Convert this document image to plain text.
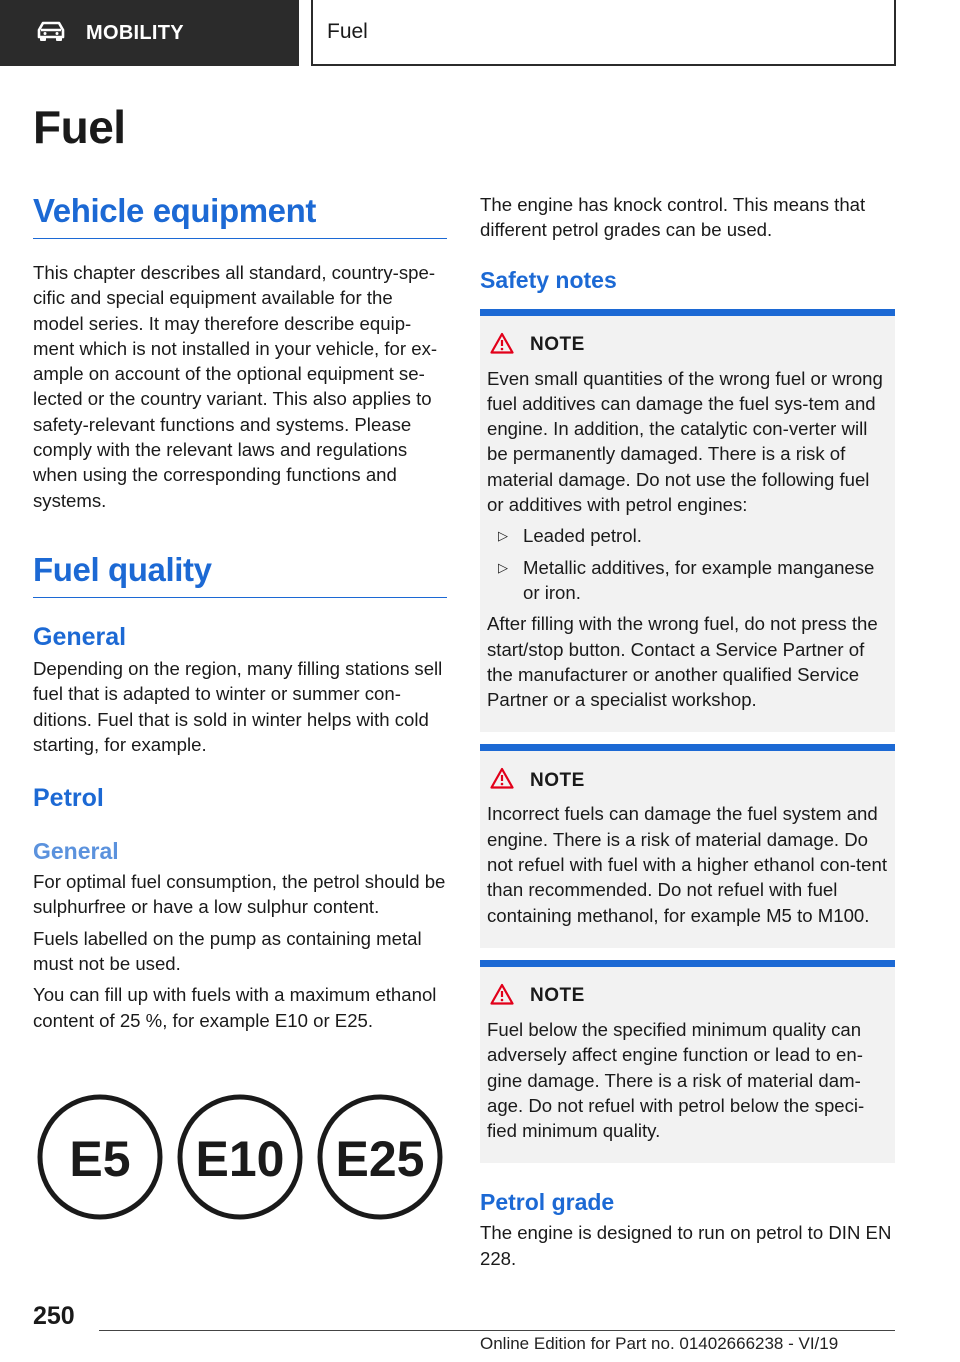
MOBILITY	Fuel
Fuel
Vehicle equipment

This chapter describes all standard, country-spe-cific and special equipment available for the model series. It may therefore describe equip-ment which is not installed in your vehicle, for ex-ample on account of the optional equipment se-lected or the country variant. This also applies to safety-relevant functions and systems. Please comply with the relevant laws and regulations when using the corresponding functions and systems.

Fuel quality
General

Depending on the region, many filling stations sell fuel that is adapted to winter or summer con-ditions. Fuel that is sold in winter helps with cold starting, for example.

Petrol
General

For optimal fuel consumption, the petrol should be sulphurfree or have a low sulphur content.

Fuels labelled on the pump as containing metal must not be used.

You can fill up with fuels with a maximum ethanol content of 25 %, for example E10 or E25.

E5 E10 E25

The engine has knock control. This means that different petrol grades can be used.

Safety notes
NOTE

Even small quantities of the wrong fuel or wrong fuel additives can damage the fuel sys-tem and engine. In addition, the catalytic con-verter will be permanently damaged. There is a risk of material damage. Do not use the following fuel or additives with petrol engines:

▷ Leaded petrol.
▷ Metallic additives, for example manganese or iron.

After filling with the wrong fuel, do not press the start/stop button. Contact a Service Partner of the manufacturer or another qualified Service Partner or a specialist workshop.

NOTE

Incorrect fuels can damage the fuel system and engine. There is a risk of material damage. Do not refuel with fuel with a higher ethanol con-tent than recommended. Do not refuel with fuel containing methanol, for example M5 to M100.

NOTE

Fuel below the specified minimum quality can adversely affect engine function or lead to en-gine damage. There is a risk of material dam-age. Do not refuel with petrol below the speci-fied minimum quality.

Petrol grade

The engine is designed to run on petrol to DIN EN 228.

250
Online Edition for Part no. 01402666238 - VI/19
